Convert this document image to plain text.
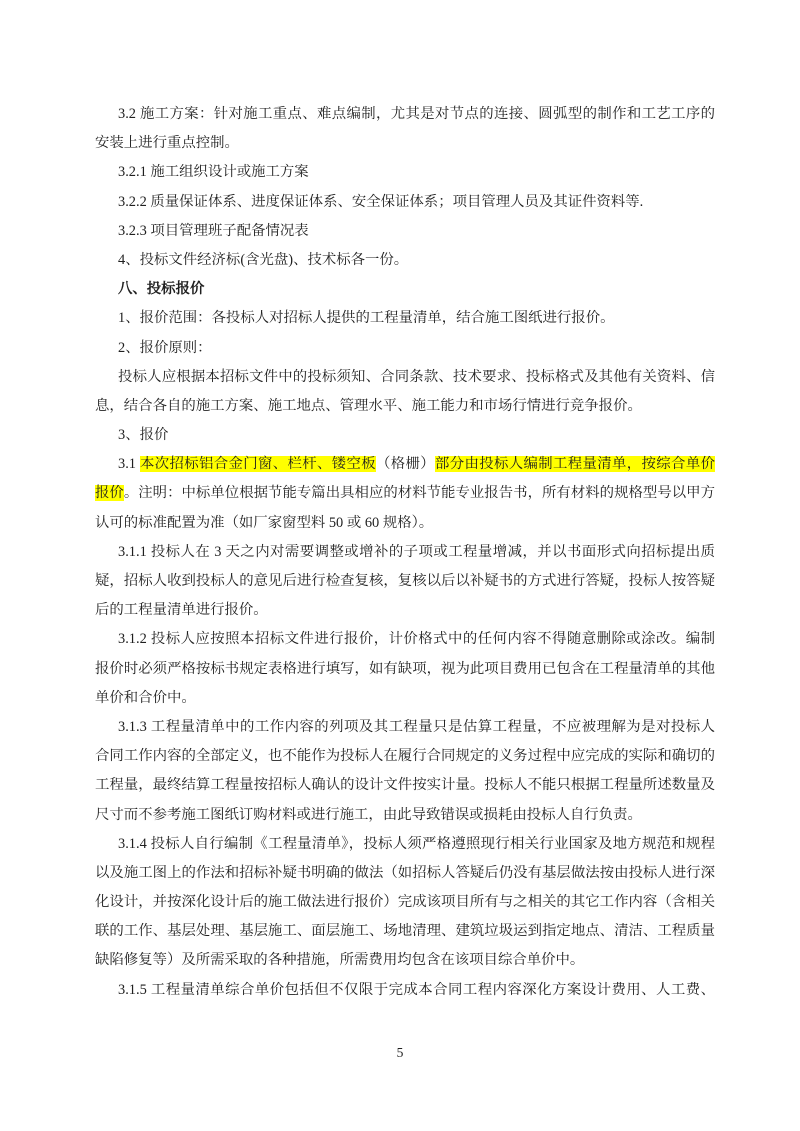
3.2 施工方案：针对施工重点、难点编制，尤其是对节点的连接、圆弧型的制作和工艺工序的
安装上进行重点控制。
3.2.1 施工组织设计或施工方案
3.2.2 质量保证体系、进度保证体系、安全保证体系；项目管理人员及其证件资料等.
3.2.3 项目管理班子配备情况表
4、投标文件经济标(含光盘)、技术标各一份。
八、投标报价
1、报价范围：各投标人对招标人提供的工程量清单，结合施工图纸进行报价。
2、报价原则：
投标人应根据本招标文件中的投标须知、合同条款、技术要求、投标格式及其他有关资料、信
息，结合各自的施工方案、施工地点、管理水平、施工能力和市场行情进行竞争报价。
3、报价
3.1 本次招标铝合金门窗、栏杆、镂空板（格栅）部分由投标人编制工程量清单，按综合单价
报价。注明：中标单位根据节能专篇出具相应的材料节能专业报告书，所有材料的规格型号以甲方
认可的标准配置为准（如厂家窗型料 50 或 60 规格）。
3.1.1 投标人在 3 天之内对需要调整或增补的子项或工程量增减，并以书面形式向招标提出质
疑，招标人收到投标人的意见后进行检查复核，复核以后以补疑书的方式进行答疑，投标人按答疑
后的工程量清单进行报价。
3.1.2 投标人应按照本招标文件进行报价，计价格式中的任何内容不得随意删除或涂改。编制
报价时必须严格按标书规定表格进行填写，如有缺项，视为此项目费用已包含在工程量清单的其他
单价和合价中。
3.1.3 工程量清单中的工作内容的列项及其工程量只是估算工程量，不应被理解为是对投标人
合同工作内容的全部定义，也不能作为投标人在履行合同规定的义务过程中应完成的实际和确切的
工程量，最终结算工程量按招标人确认的设计文件按实计量。投标人不能只根据工程量所述数量及
尺寸而不参考施工图纸订购材料或进行施工，由此导致错误或损耗由投标人自行负责。
3.1.4 投标人自行编制《工程量清单》，投标人须严格遵照现行相关行业国家及地方规范和规程
以及施工图上的作法和招标补疑书明确的做法（如招标人答疑后仍没有基层做法按由投标人进行深
化设计，并按深化设计后的施工做法进行报价）完成该项目所有与之相关的其它工作内容（含相关
联的工作、基层处理、基层施工、面层施工、场地清理、建筑垃圾运到指定地点、清洁、工程质量
缺陷修复等）及所需采取的各种措施，所需费用均包含在该项目综合单价中。
3.1.5 工程量清单综合单价包括但不仅限于完成本合同工程内容深化方案设计费用、人工费、
5
